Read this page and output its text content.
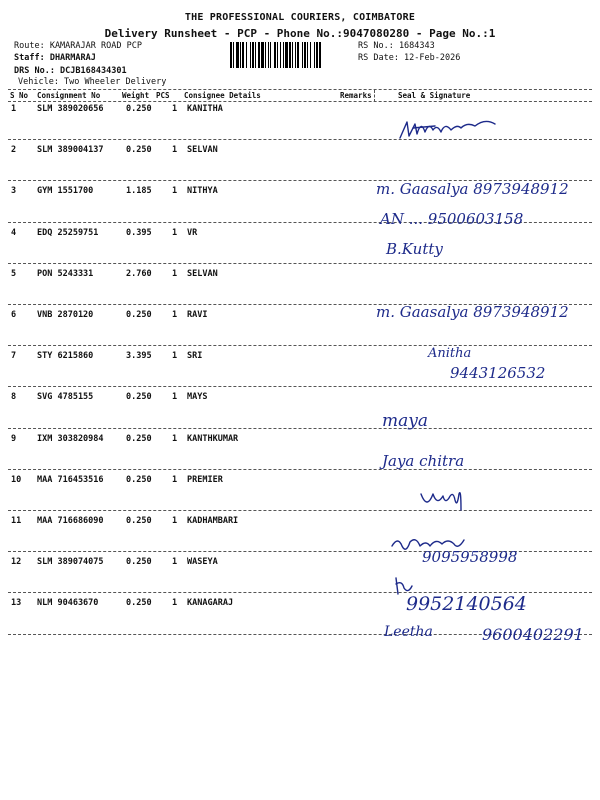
THE PROFESSIONAL COURIERS, COIMBATORE
Delivery Runsheet - PCP - Phone No.:9047080280 - Page No.:1
Route: KAMARAJAR ROAD PCP
Staff: DHARMARAJ
DRS No.: DCJB168434301
Vehicle: Two Wheeler Delivery
RS No.: 1684343
RS Date: 12-Feb-2026
S No Consignment No	Weight PCS Consignee Details	Remarks	Seal & Signature
1 SLM 389020656	0.250 1 KANITHA
2 SLM 389004137	0.250 1 SELVAN
3 GYM 1551700	1.185 1 NITHYA
4 EDQ 25259751	0.395 1 VR
5 PON 5243331	2.760 1 SELVAN
6 VNB 2870120	0.250 1 RAVI
7 STY 6215860	3.395 1 SRI
8 SVG 4785155	0.250 1 MAYS
9 IXM 303820984	0.250 1 KANTHKUMAR
10 MAA 716453516	0.250 1 PREMIER
11 MAA 716686090	0.250 1 KADHAMBARI
12 SLM 389074075	0.250 1 WASEYA
13 NLM 90463670	0.250 1 KANAGARAJ
m. Gaasalya 8973948912
AN ... 9500603158
B.Kutty
m. Gaasalya 8973948912
Anitha
9443126532
maya
Jaya chitra
9095958998
9952140564
Leetha	9600402291
